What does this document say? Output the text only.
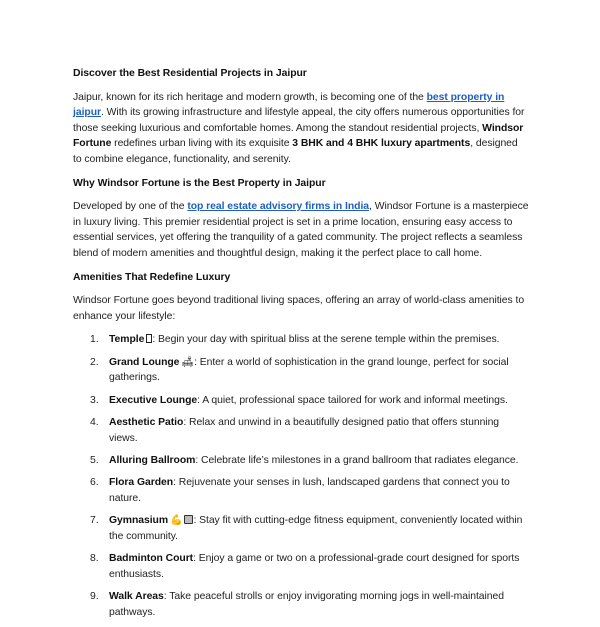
Discover the Best Residential Projects in Jaipur

Jaipur, known for its rich heritage and modern growth, is becoming one of the best property in jaipur. With its growing infrastructure and lifestyle appeal, the city offers numerous opportunities for those seeking luxurious and comfortable homes. Among the standout residential projects, Windsor Fortune redefines urban living with its exquisite 3 BHK and 4 BHK luxury apartments, designed to combine elegance, functionality, and serenity.

Why Windsor Fortune is the Best Property in Jaipur

Developed by one of the top real estate advisory firms in India, Windsor Fortune is a masterpiece in luxury living. This premier residential project is set in a prime location, ensuring easy access to essential services, yet offering the tranquility of a gated community. The project reflects a seamless blend of modern amenities and thoughtful design, making it the perfect place to call home.

Amenities That Redefine Luxury

Windsor Fortune goes beyond traditional living spaces, offering an array of world-class amenities to enhance your lifestyle:

1. Temple : Begin your day with spiritual bliss at the serene temple within the premises.
2. Grand Lounge 🛋: Enter a world of sophistication in the grand lounge, perfect for social gatherings.
3. Executive Lounge: A quiet, professional space tailored for work and informal meetings.
4. Aesthetic Patio: Relax and unwind in a beautifully designed patio that offers stunning views.
5. Alluring Ballroom: Celebrate life’s milestones in a grand ballroom that radiates elegance.
6. Flora Garden: Rejuvenate your senses in lush, landscaped gardens that connect you to nature.
7. Gymnasium 💪 : Stay fit with cutting-edge fitness equipment, conveniently located within the community.
8. Badminton Court: Enjoy a game or two on a professional-grade court designed for sports enthusiasts.
9. Walk Areas: Take peaceful strolls or enjoy invigorating morning jogs in well-maintained pathways.
